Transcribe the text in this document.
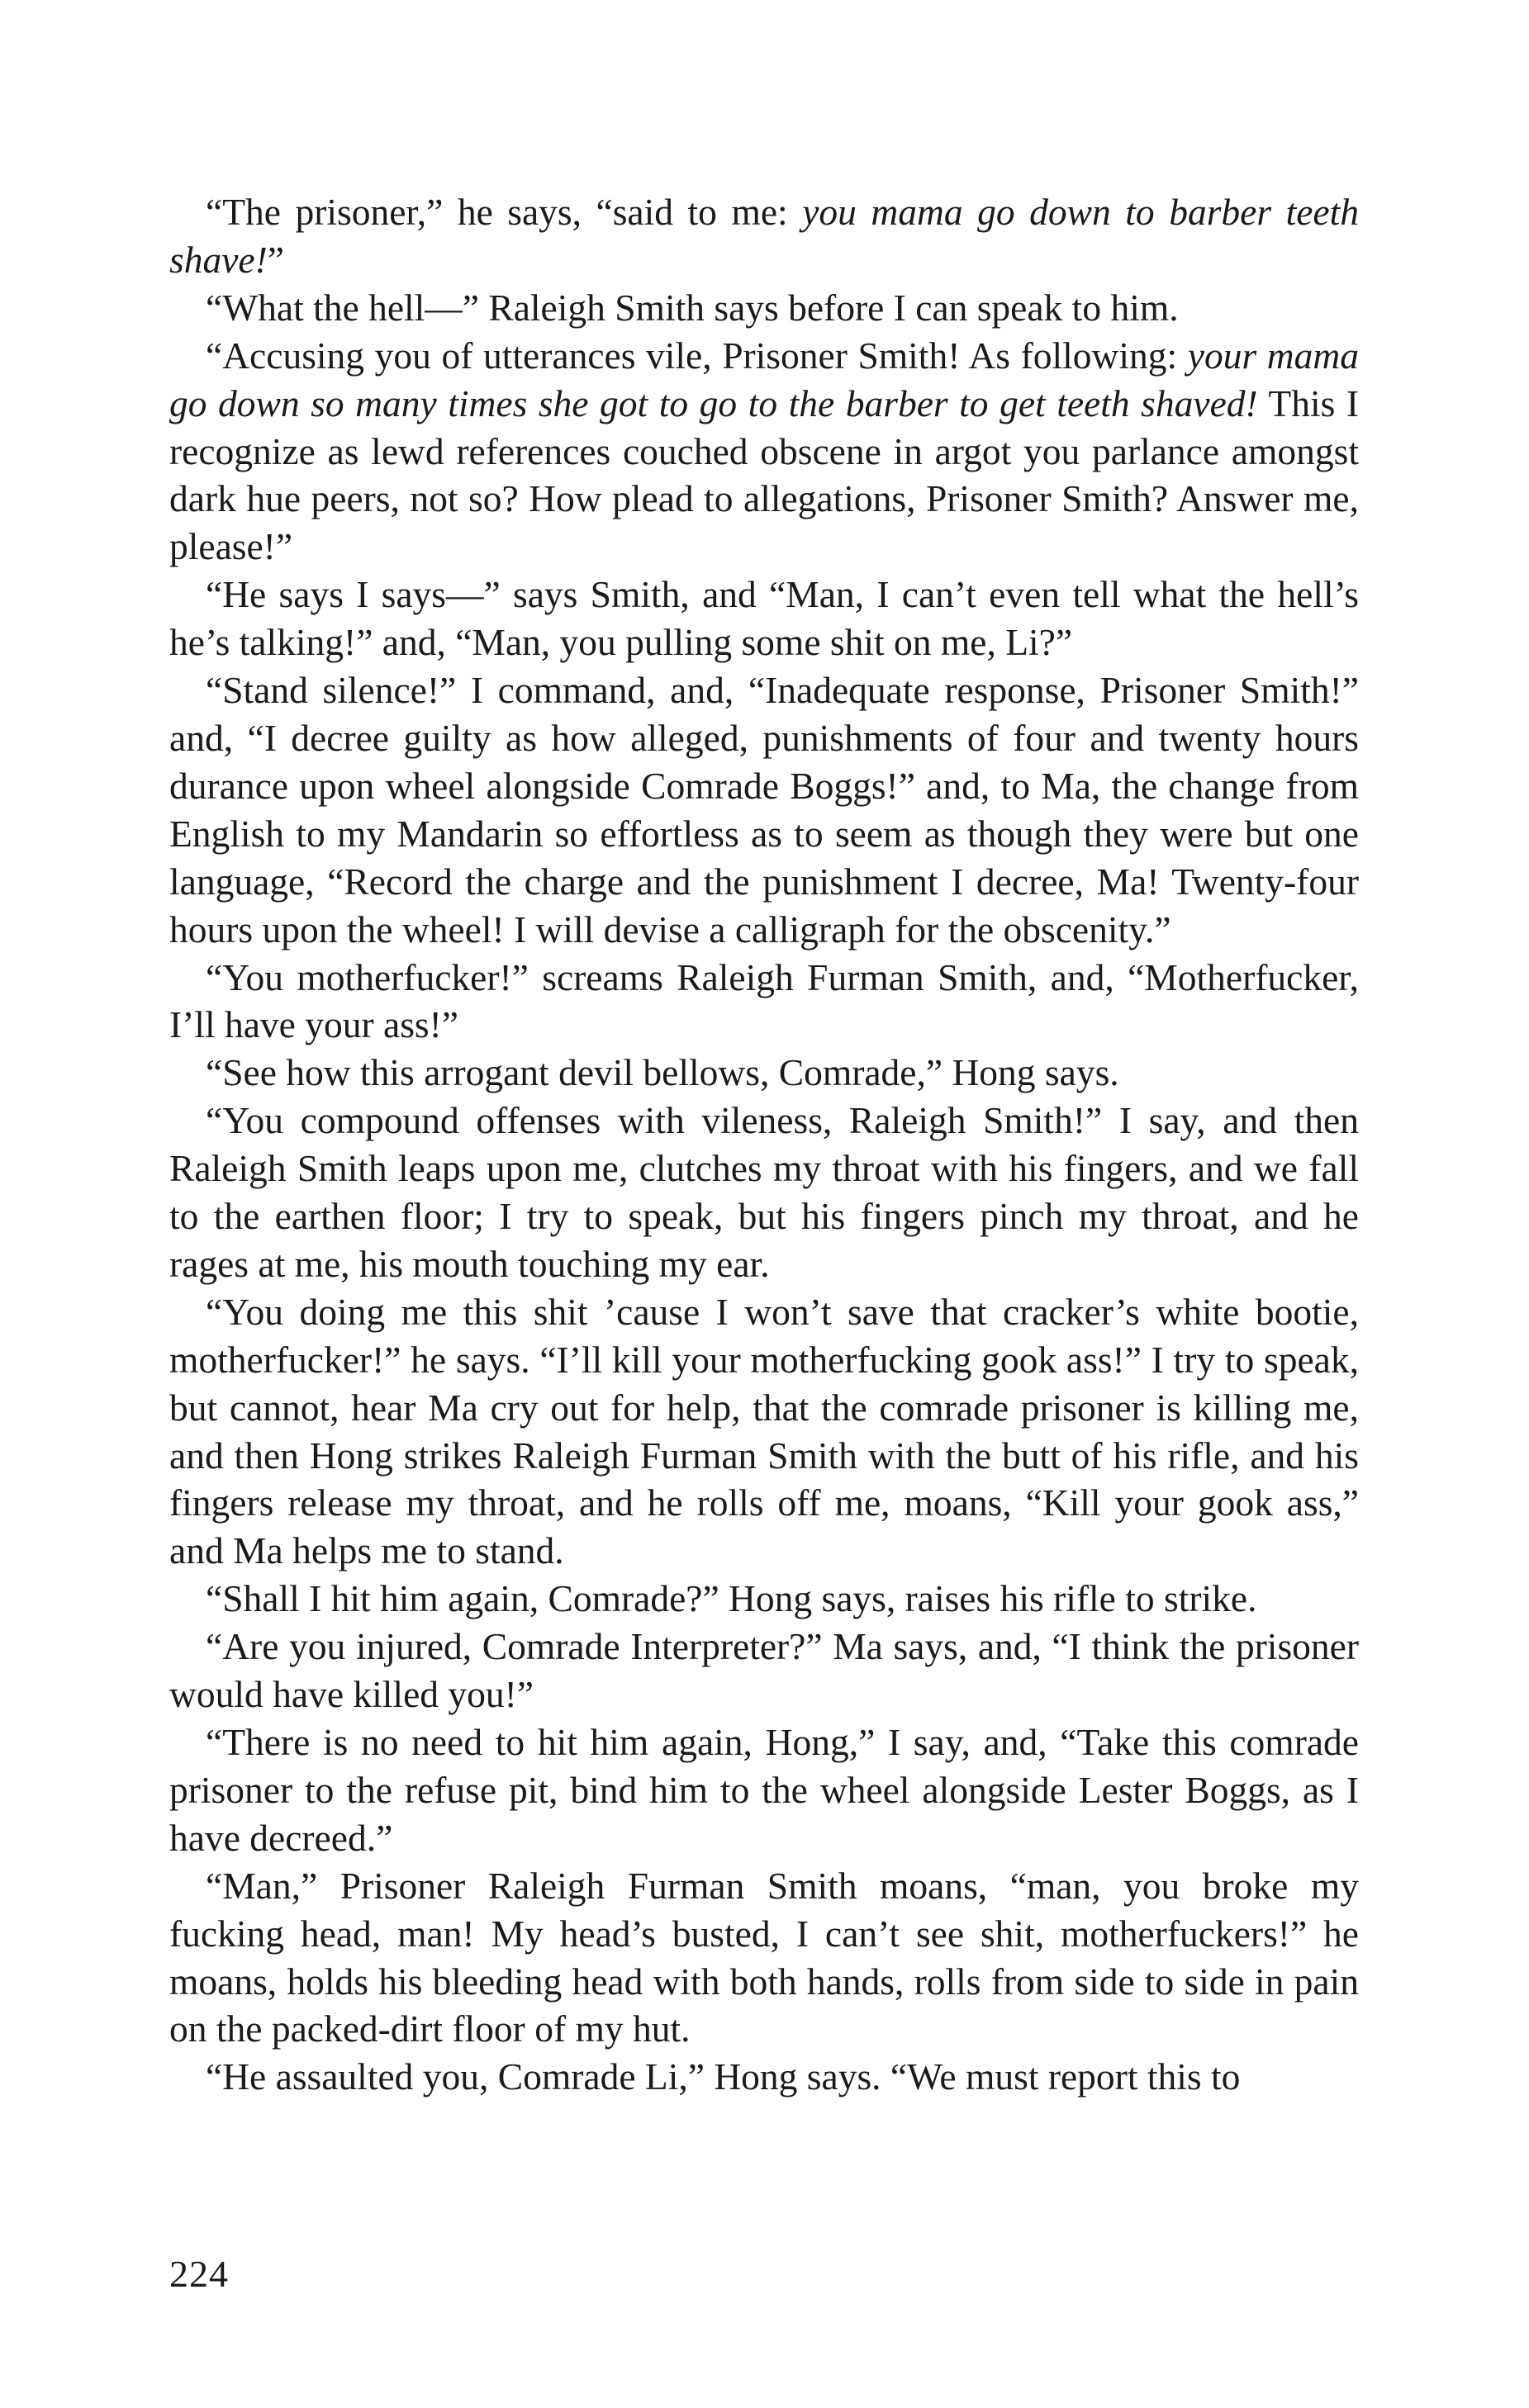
“The prisoner,” he says, “said to me: you mama go down to barber teeth shave!”

“What the hell—” Raleigh Smith says before I can speak to him.

“Accusing you of utterances vile, Prisoner Smith! As following: your mama go down so many times she got to go to the barber to get teeth shaved! This I recognize as lewd references couched obscene in argot you parlance amongst dark hue peers, not so? How plead to allegations, Prisoner Smith? Answer me, please!”

“He says I says—” says Smith, and “Man, I can’t even tell what the hell’s he’s talking!” and, “Man, you pulling some shit on me, Li?”

“Stand silence!” I command, and, “Inadequate response, Prisoner Smith!” and, “I decree guilty as how alleged, punishments of four and twenty hours durance upon wheel alongside Comrade Boggs!” and, to Ma, the change from English to my Mandarin so effortless as to seem as though they were but one language, “Record the charge and the punishment I decree, Ma! Twenty-four hours upon the wheel! I will devise a calligraph for the obscenity.”

“You motherfucker!” screams Raleigh Furman Smith, and, “Motherfucker, I’ll have your ass!”

“See how this arrogant devil bellows, Comrade,” Hong says.

“You compound offenses with vileness, Raleigh Smith!” I say, and then Raleigh Smith leaps upon me, clutches my throat with his fingers, and we fall to the earthen floor; I try to speak, but his fingers pinch my throat, and he rages at me, his mouth touching my ear.

“You doing me this shit ’cause I won’t save that cracker’s white bootie, motherfucker!” he says. “I’ll kill your motherfucking gook ass!” I try to speak, but cannot, hear Ma cry out for help, that the comrade prisoner is killing me, and then Hong strikes Raleigh Furman Smith with the butt of his rifle, and his fingers release my throat, and he rolls off me, moans, “Kill your gook ass,” and Ma helps me to stand.

“Shall I hit him again, Comrade?” Hong says, raises his rifle to strike.

“Are you injured, Comrade Interpreter?” Ma says, and, “I think the prisoner would have killed you!”

“There is no need to hit him again, Hong,” I say, and, “Take this comrade prisoner to the refuse pit, bind him to the wheel alongside Lester Boggs, as I have decreed.”

“Man,” Prisoner Raleigh Furman Smith moans, “man, you broke my fucking head, man! My head’s busted, I can’t see shit, motherfuckers!” he moans, holds his bleeding head with both hands, rolls from side to side in pain on the packed-dirt floor of my hut.

“He assaulted you, Comrade Li,” Hong says. “We must report this to

224
